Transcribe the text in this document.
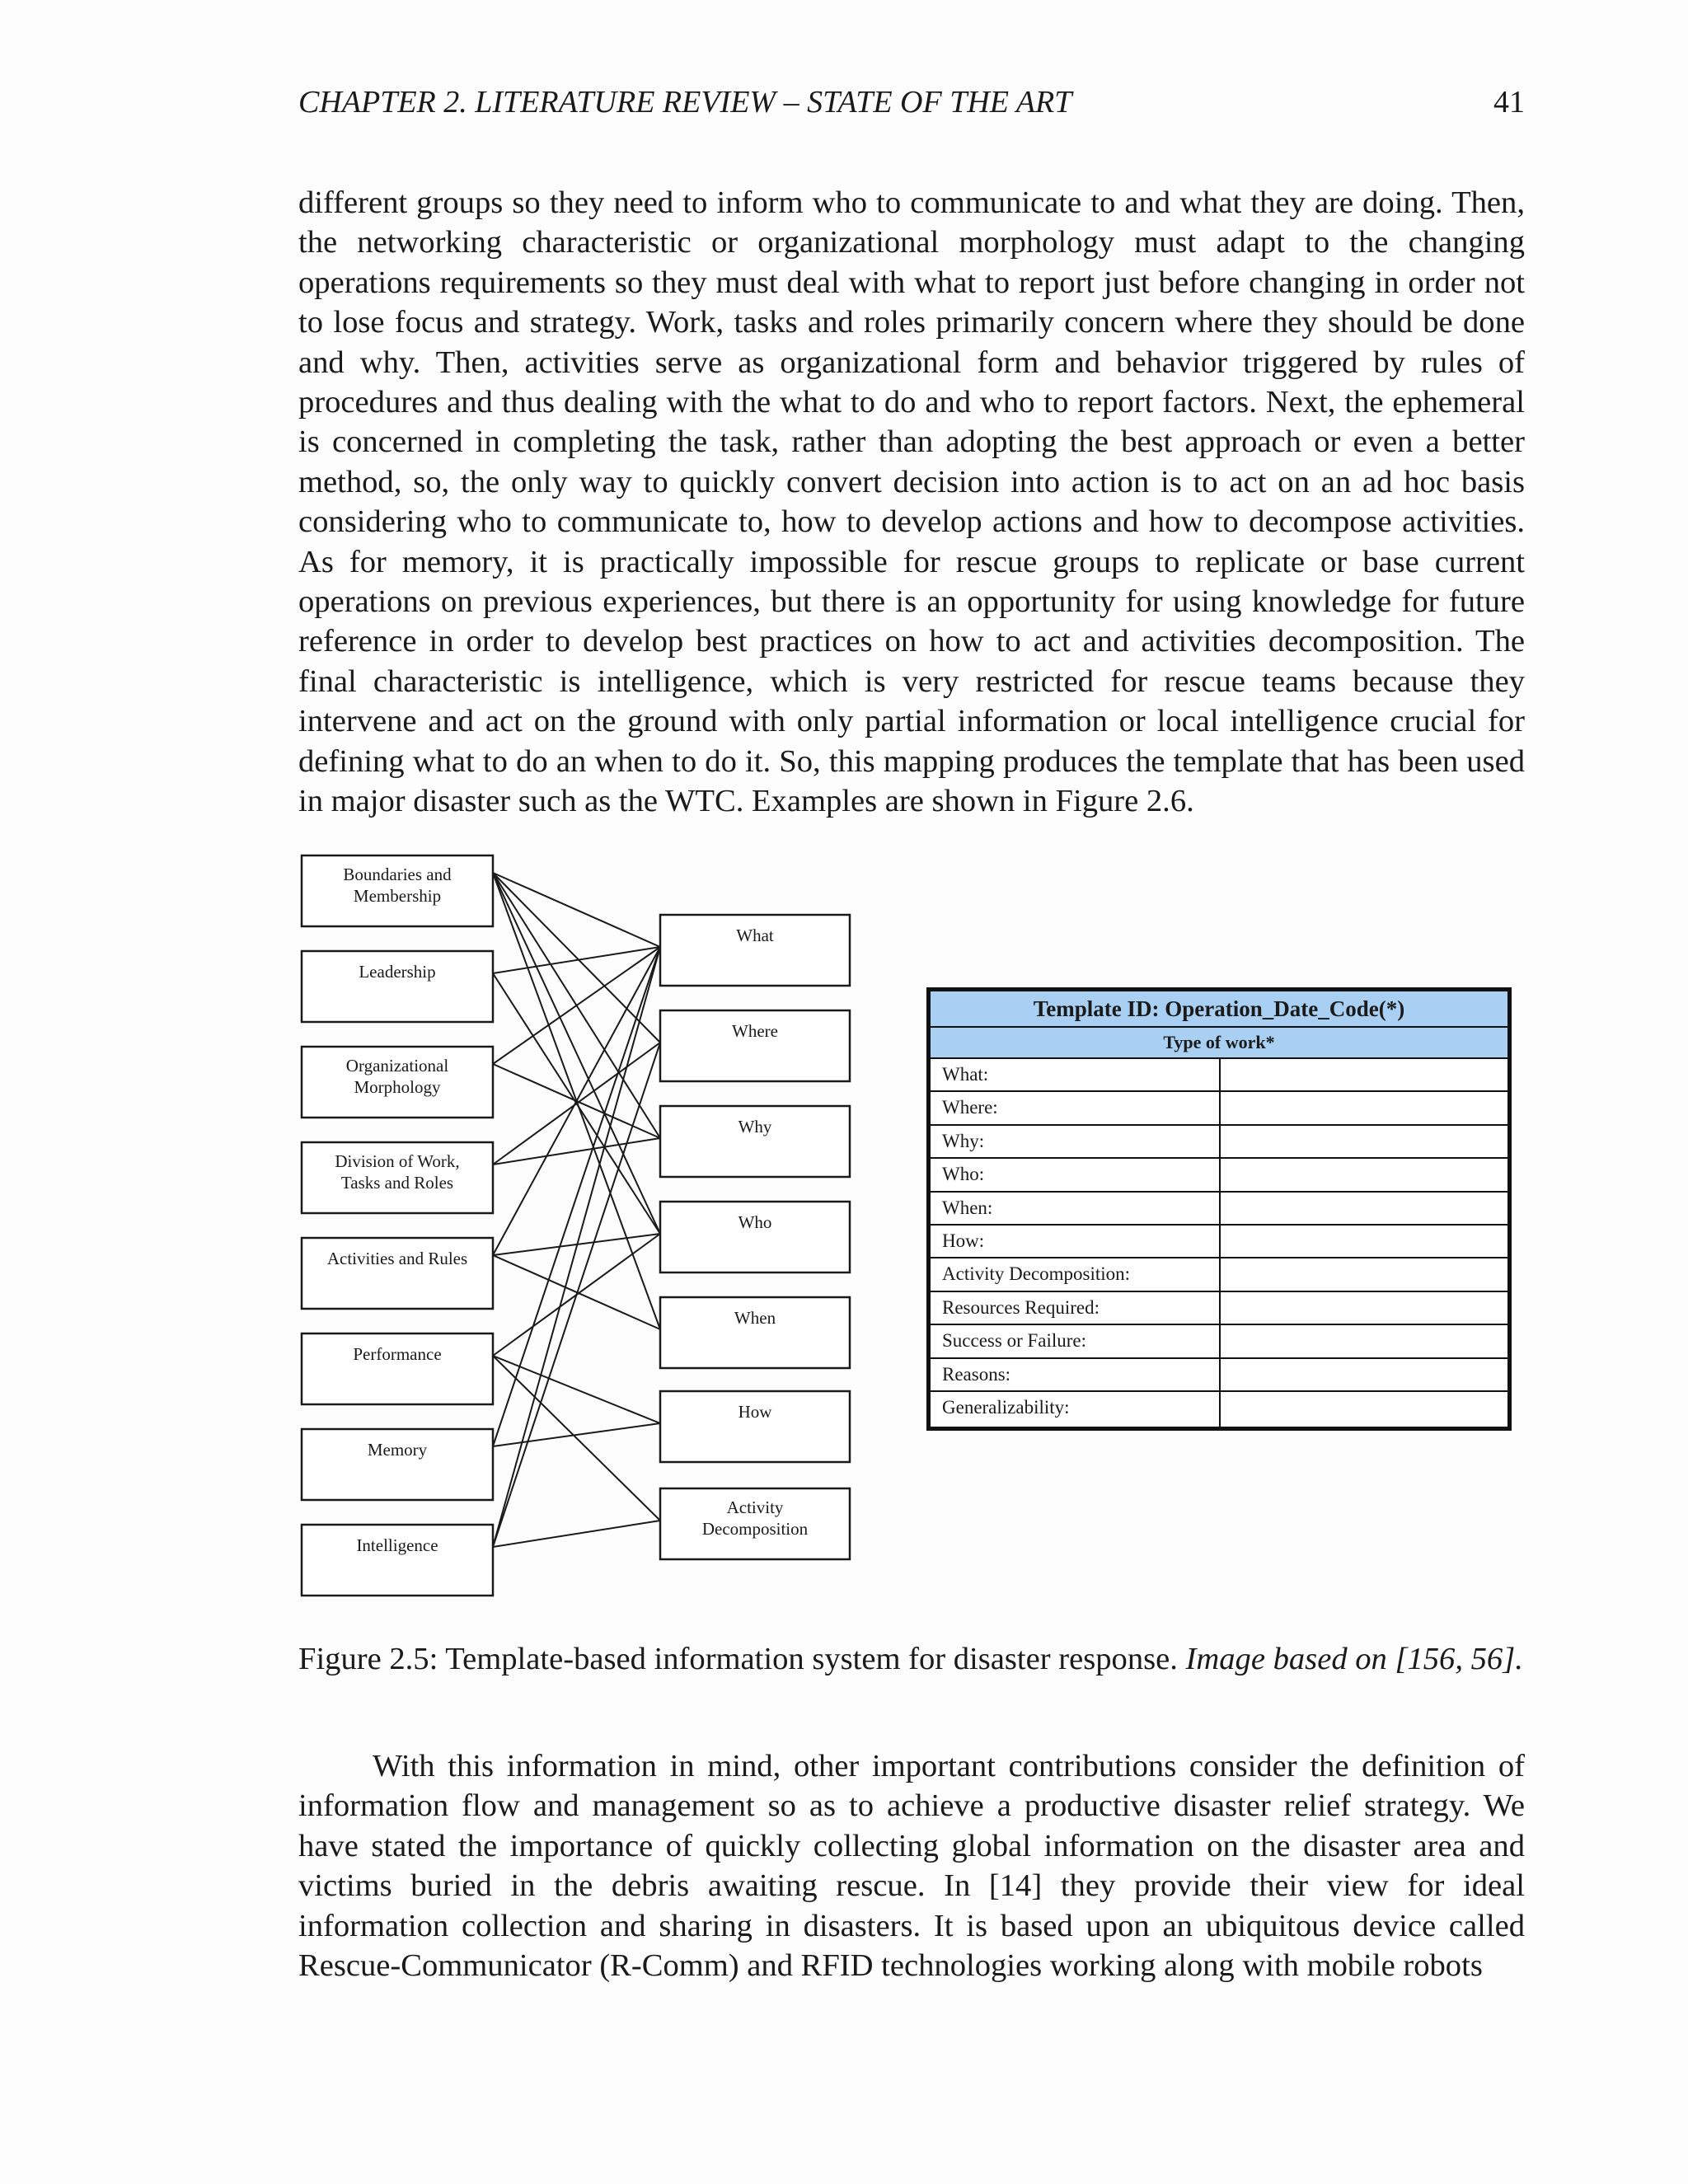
CHAPTER 2. LITERATURE REVIEW – STATE OF THE ART	41

different groups so they need to inform who to communicate to and what they are doing. Then, the networking characteristic or organizational morphology must adapt to the changing operations requirements so they must deal with what to report just before changing in order not to lose focus and strategy. Work, tasks and roles primarily concern where they should be done and why. Then, activities serve as organizational form and behavior triggered by rules of procedures and thus dealing with the what to do and who to report factors. Next, the ephemeral is concerned in completing the task, rather than adopting the best approach or even a better method, so, the only way to quickly convert decision into action is to act on an ad hoc basis considering who to communicate to, how to develop actions and how to decompose activities. As for memory, it is practically impossible for rescue groups to replicate or base current operations on previous experiences, but there is an opportunity for using knowledge for future reference in order to develop best practices on how to act and activities decomposition. The final characteristic is intelligence, which is very restricted for rescue teams because they intervene and act on the ground with only partial information or local intelligence crucial for defining what to do an when to do it. So, this mapping produces the template that has been used in major disaster such as the WTC. Examples are shown in Figure 2.6.

Boundaries and
Membership
Leadership
Organizational
Morphology
Division of Work,
Tasks and Roles
Activities and Rules
Performance
Memory
Intelligence
What
Where
Why
Who
When
How
Activity
Decomposition
Template ID: Operation_Date_Code(*)
Type of work*
What:
Where:
Why:
Who:
When:
How:
Activity Decomposition:
Resources Required:
Success or Failure:
Reasons:
Generalizability:

Figure 2.5: Template-based information system for disaster response. Image based on [156, 56].

With this information in mind, other important contributions consider the definition of information flow and management so as to achieve a productive disaster relief strategy. We have stated the importance of quickly collecting global information on the disaster area and victims buried in the debris awaiting rescue. In [14] they provide their view for ideal information collection and sharing in disasters. It is based upon an ubiquitous device called Rescue-Communicator (R-Comm) and RFID technologies working along with mobile robots
